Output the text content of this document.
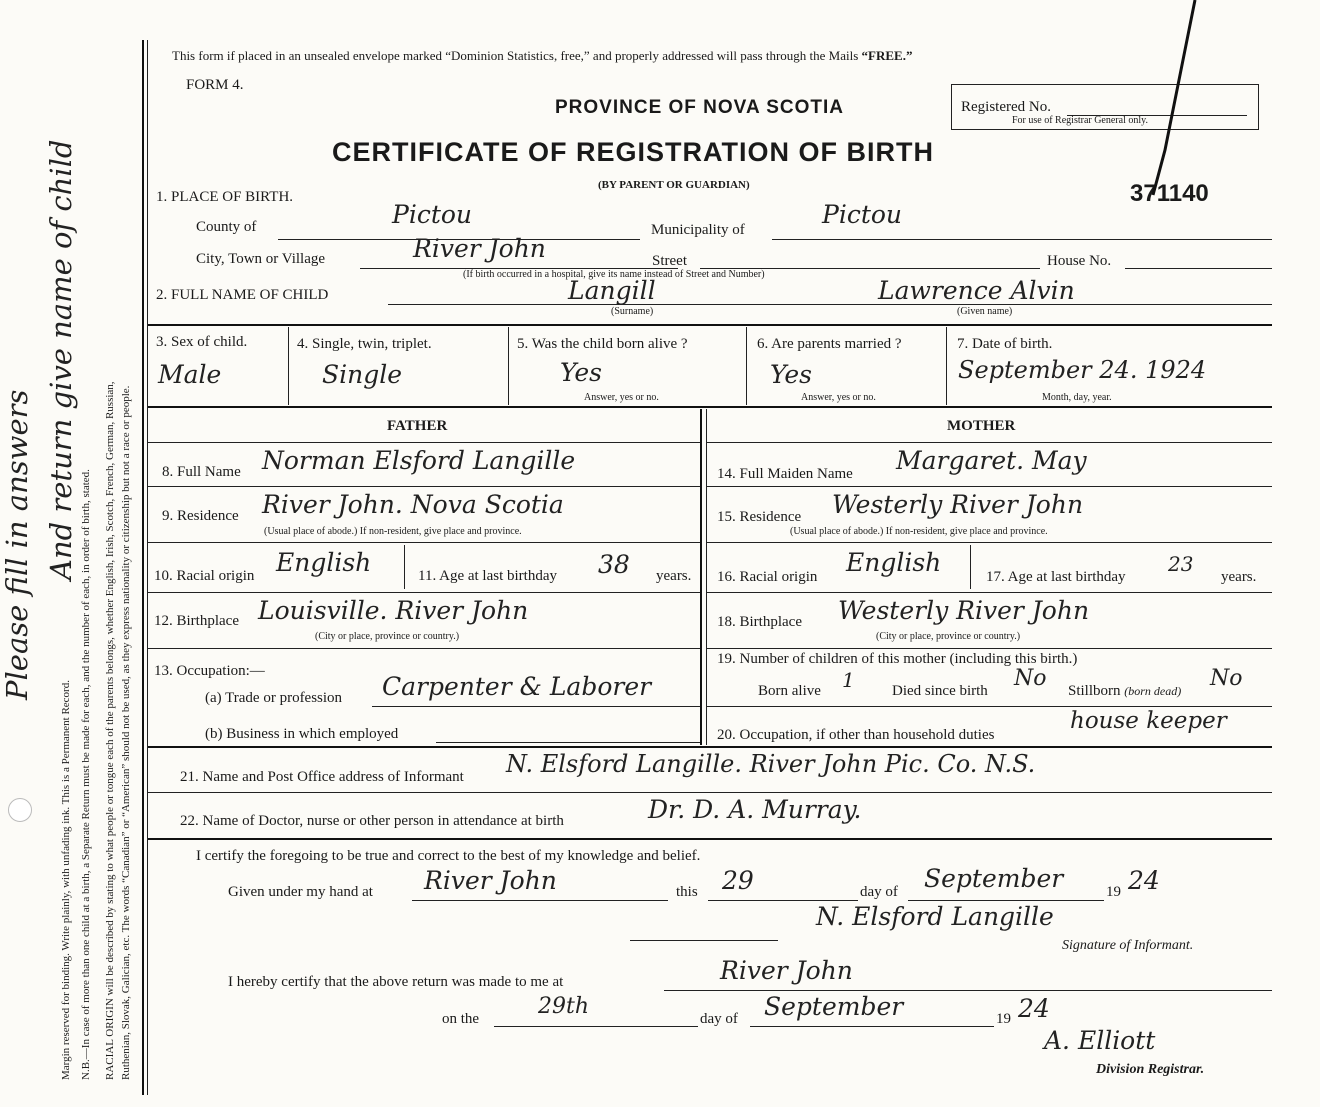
Margin reserved for binding. Write plainly, with unfading ink. This is a Permanent Record. N.B.—In case of more than one child at a birth, a Separate Return must be made for each, and the number of each, in order of birth, stated. RACIAL ORIGIN will be described by stating to what people or tongue each of the parents belongs, whether English, Irish, Scotch, French, German, Russian, Ruthenian, Slovak, Galician, etc. The words “Canadian” or “American” should not be used, as they express nationality or citizenship but not a race or people.
Please fill in answers And return give name of child
This form if placed in an unsealed envelope marked “Dominion Statistics, free,” and properly addressed will pass through the Mails “FREE.”
FORM 4.
PROVINCE OF NOVA SCOTIA
CERTIFICATE OF REGISTRATION OF BIRTH
(BY PARENT OR GUARDIAN)
Registered No.
For use of Registrar General only.
371140
1. PLACE OF BIRTH.
County of	Pictou
Municipality of
Pictou
City, Town or Village	River John	Street	House No.
(If birth occurred in a hospital, give its name instead of Street and Number)
2. FULL NAME OF CHILD	Langill
(Surname)
Lawrence Alvin
(Given name)
3. Sex of child.
Male
4. Single, twin, triplet.
Single
5. Was the child born alive ?
Yes
Answer, yes or no.
6. Are parents married ?
Yes
Answer, yes or no.
7. Date of birth.
September 24. 1924
Month, day, year.
FATHER
8. Full Name Norman Elsford Langille
9. Residence River John. Nova Scotia
(Usual place of abode.) If non-resident, give place and province.
10. Racial origin English	11. Age at last birthday 38 years.
12. Birthplace Louisville. River John
(City or place, province or country.)
13. Occupation:—
(a) Trade or profession Carpenter & Laborer
(b) Business in which employed
MOTHER
14. Full Maiden Name Margaret. May
15. Residence Westerly River John
(Usual place of abode.) If non-resident, give place and province.
16. Racial origin English	17. Age at last birthday
23
years.
18. Birthplace Westerly River John
(City or place, province or country.)
19. Number of children of this mother (including this birth.)
Born alive 1 Died since birth No Stillborn (born dead) No
20. Occupation, if other than household duties
house keeper
21. Name and Post Office address of Informant N. Elsford Langille. River John Pic. Co. N.S.
22. Name of Doctor, nurse or other person in attendance at birth	Dr. D. A. Murray.
I certify the foregoing to be true and correct to the best of my knowledge and belief.
Given under my hand at River John	this 29	day of September	19 24
N. Elsford Langille
Signature of Informant.
I hereby certify that the above return was made to me at	River John
on the	29th	day of September	19 24
A. Elliott
Division Registrar.
